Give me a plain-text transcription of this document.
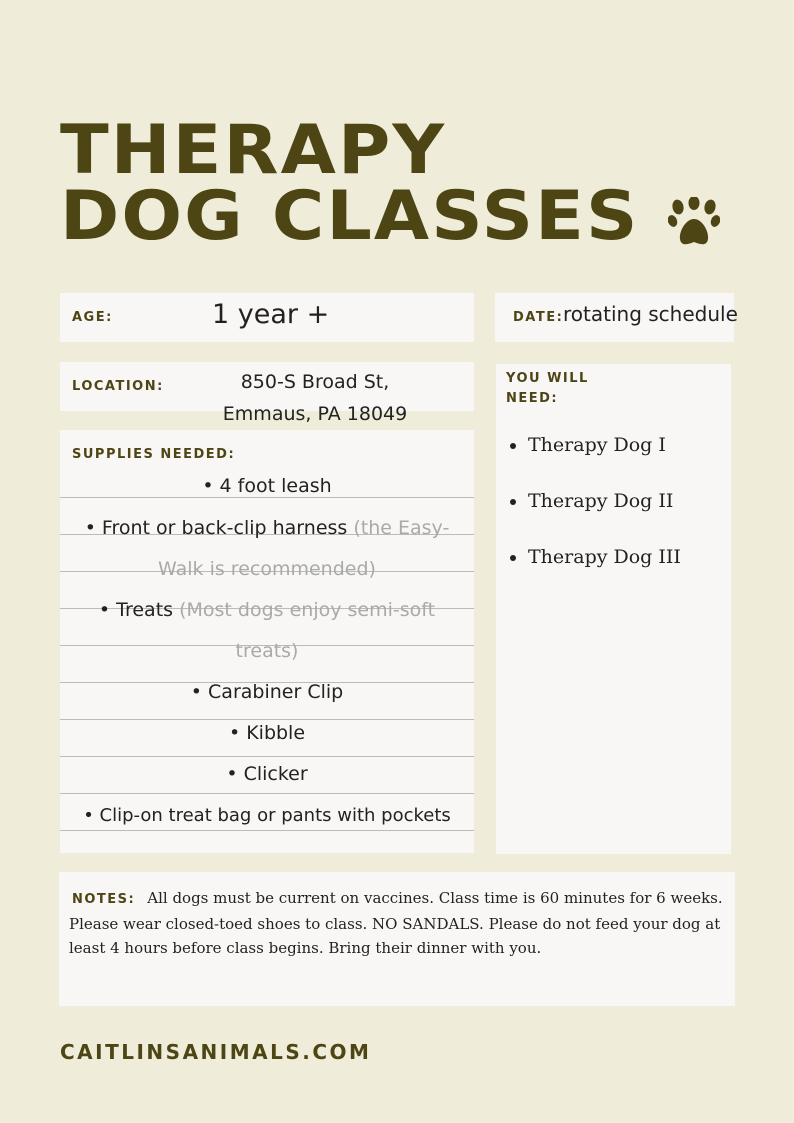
THERAPY
DOG CLASSES
AGE:	1 year +	DATE: rotating schedule
LOCATION:	850-S Broad St,
Emmaus, PA 18049
SUPPLIES NEEDED:
• 4 foot leash
• Front or back-clip harness (the Easy-Walk is recommended)
• Treats (Most dogs enjoy semi-soft treats)
• Carabiner Clip
• Kibble
• Clicker
• Clip-on treat bag or pants with pockets
YOU WILL NEED:
• Therapy Dog I
• Therapy Dog II
• Therapy Dog III
NOTES: All dogs must be current on vaccines. Class time is 60 minutes for 6 weeks. Please wear closed-toed shoes to class. NO SANDALS. Please do not feed your dog at least 4 hours before class begins. Bring their dinner with you.
CAITLINSANIMALS.COM
